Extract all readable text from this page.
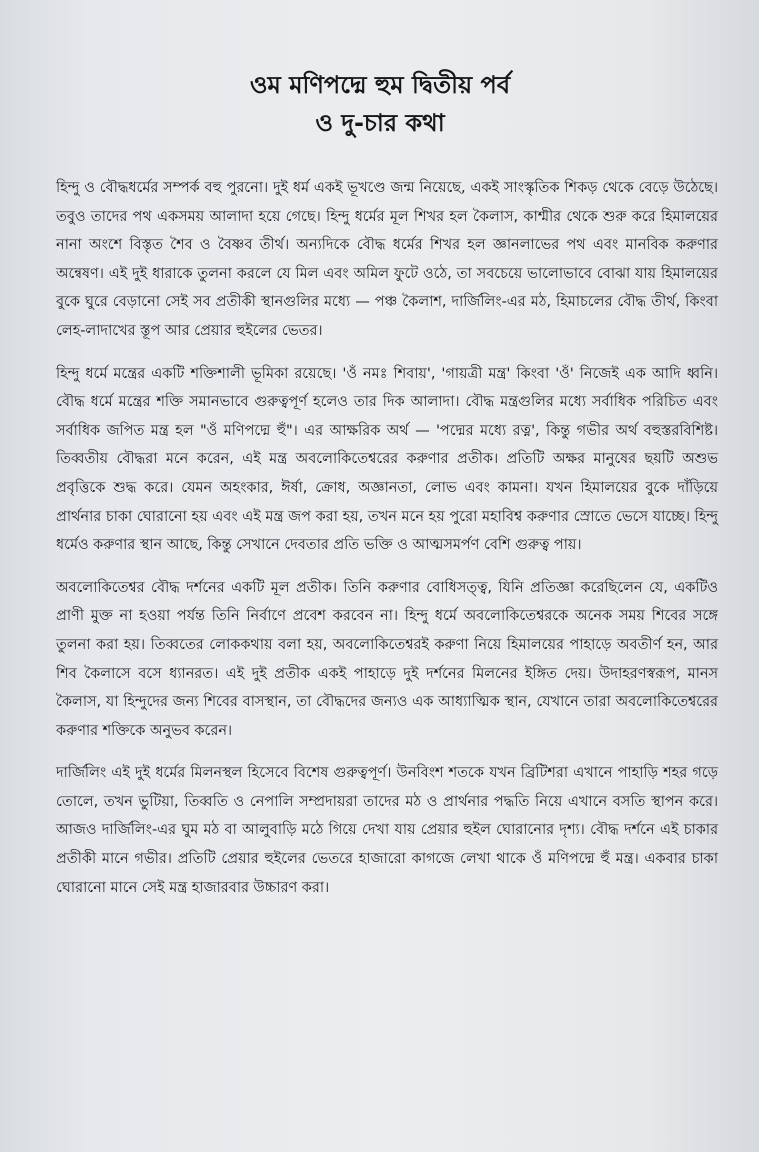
ওম মণিপদ্মে হুম দ্বিতীয় পর্ব

ও দু-চার কথা

হিন্দু ও বৌদ্ধধর্মের সম্পর্ক বহু পুরনো। দুই ধর্ম একই ভূখণ্ডে জন্ম নিয়েছে, একই সাংস্কৃতিক শিকড় থেকে বেড়ে উঠেছে। তবুও তাদের পথ একসময় আলাদা হয়ে গেছে। হিন্দু ধর্মের মূল শিখর হল কৈলাস, কাশ্মীর থেকে শুরু করে হিমালয়ের নানা অংশে বিস্তৃত শৈব ও বৈষ্ণব তীর্থ। অন্যদিকে বৌদ্ধ ধর্মের শিখর হল জ্ঞানলাভের পথ এবং মানবিক করুণার অন্বেষণ। এই দুই ধারাকে তুলনা করলে যে মিল এবং অমিল ফুটে ওঠে, তা সবচেয়ে ভালোভাবে বোঝা যায় হিমালয়ের বুকে ঘুরে বেড়ানো সেই সব প্রতীকী স্থানগুলির মধ্যে — পঞ্চ কৈলাশ, দার্জিলিং-এর মঠ, হিমাচলের বৌদ্ধ তীর্থ, কিংবা লেহ-লাদাখের স্তূপ আর প্রেয়ার হুইলের ভেতর।

হিন্দু ধর্মে মন্ত্রের একটি শক্তিশালী ভূমিকা রয়েছে। 'ওঁ নমঃ শিবায়', 'গায়ত্রী মন্ত্র' কিংবা 'ওঁ' নিজেই এক আদি ধ্বনি। বৌদ্ধ ধর্মে মন্ত্রের শক্তি সমানভাবে গুরুত্বপূর্ণ হলেও তার দিক আলাদা। বৌদ্ধ মন্ত্রগুলির মধ্যে সর্বাধিক পরিচিত এবং সর্বাধিক জপিত মন্ত্র হল "ওঁ মণিপদ্মে হুঁ"। এর আক্ষরিক অর্থ — 'পদ্মের মধ্যে রত্ন', কিন্তু গভীর অর্থ বহুস্তরবিশিষ্ট। তিব্বতীয় বৌদ্ধরা মনে করেন, এই মন্ত্র অবলোকিতেশ্বরের করুণার প্রতীক। প্রতিটি অক্ষর মানুষের ছয়টি অশুভ প্রবৃত্তিকে শুদ্ধ করে। যেমন অহংকার, ঈর্ষা, ক্রোধ, অজ্ঞানতা, লোভ এবং কামনা। যখন হিমালয়ের বুকে দাঁড়িয়ে প্রার্থনার চাকা ঘোরানো হয় এবং এই মন্ত্র জপ করা হয়, তখন মনে হয় পুরো মহাবিশ্ব করুণার স্রোতে ভেসে যাচ্ছে। হিন্দু ধর্মেও করুণার স্থান আছে, কিন্তু সেখানে দেবতার প্রতি ভক্তি ও আত্মসমর্পণ বেশি গুরুত্ব পায়।

অবলোকিতেশ্বর বৌদ্ধ দর্শনের একটি মূল প্রতীক। তিনি করুণার বোধিসত্ত্ব, যিনি প্রতিজ্ঞা করেছিলেন যে, একটিও প্রাণী মুক্ত না হওয়া পর্যন্ত তিনি নির্বাণে প্রবেশ করবেন না। হিন্দু ধর্মে অবলোকিতেশ্বরকে অনেক সময় শিবের সঙ্গে তুলনা করা হয়। তিব্বতের লোককথায় বলা হয়, অবলোকিতেশ্বরই করুণা নিয়ে হিমালয়ের পাহাড়ে অবতীর্ণ হন, আর শিব কৈলাসে বসে ধ্যানরত। এই দুই প্রতীক একই পাহাড়ে দুই দর্শনের মিলনের ইঙ্গিত দেয়। উদাহরণস্বরূপ, মানস কৈলাস, যা হিন্দুদের জন্য শিবের বাসস্থান, তা বৌদ্ধদের জন্যও এক আধ্যাত্মিক স্থান, যেখানে তারা অবলোকিতেশ্বরের করুণার শক্তিকে অনুভব করেন।

দার্জিলিং এই দুই ধর্মের মিলনস্থল হিসেবে বিশেষ গুরুত্বপূর্ণ। উনবিংশ শতকে যখন ব্রিটিশরা এখানে পাহাড়ি শহর গড়ে তোলে, তখন ভুটিয়া, তিব্বতি ও নেপালি সম্প্রদায়রা তাদের মঠ ও প্রার্থনার পদ্ধতি নিয়ে এখানে বসতি স্থাপন করে। আজও দার্জিলিং-এর ঘুম মঠ বা আলুবাড়ি মঠে গিয়ে দেখা যায় প্রেয়ার হুইল ঘোরানোর দৃশ্য। বৌদ্ধ দর্শনে এই চাকার প্রতীকী মানে গভীর। প্রতিটি প্রেয়ার হুইলের ভেতরে হাজারো কাগজে লেখা থাকে ওঁ মণিপদ্মে হুঁ মন্ত্র। একবার চাকা ঘোরানো মানে সেই মন্ত্র হাজারবার উচ্চারণ করা।
